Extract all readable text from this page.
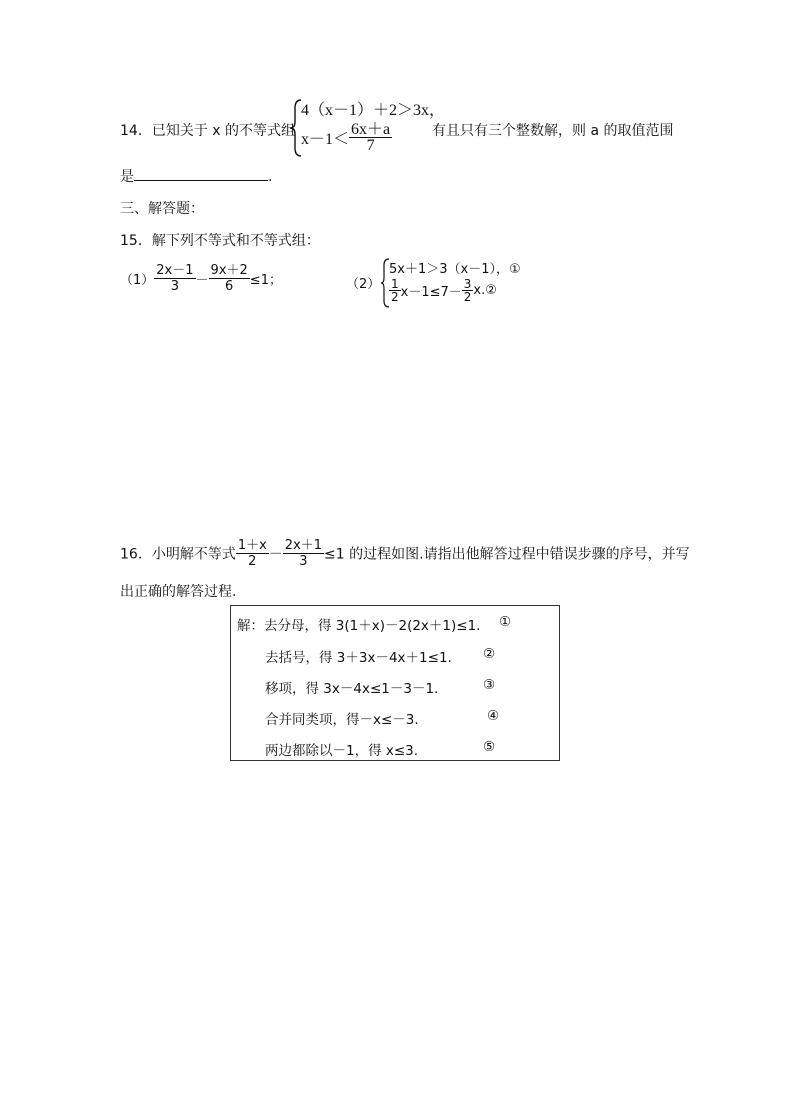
14．已知关于 x 的不等式组
4（x－1）＋2＞3x，
$x-1< \frac{6x+a}{7}$	有且只有三个整数解，则 a 的取值范围
是	.
三、解答题：
15．解下列不等式和不等式组：
$(1) \frac{2x-1}{3} - \frac{9x+2}{6} \le 1$；	（2）
5x＋1＞3（x－1），①
$\frac{1}{2} x-1\le 7- \frac{3}{2}$ x.②
16．小明解不等式 $\frac{1+x}{2} - \frac{2x+1}{3} \le 1$ 的过程如图.请指出他解答过程中错误步骤的序号，并写
出正确的解答过程.
解：去分母，得 3(1＋x)－2(2x＋1)≤1. ①
去括号，得 3＋3x－4x＋1≤1. ②
移项，得 3x－4x≤1－3－1.	③
合并同类项，得－x≤－3.	④
两边都除以－1，得 x≤3.	⑤
